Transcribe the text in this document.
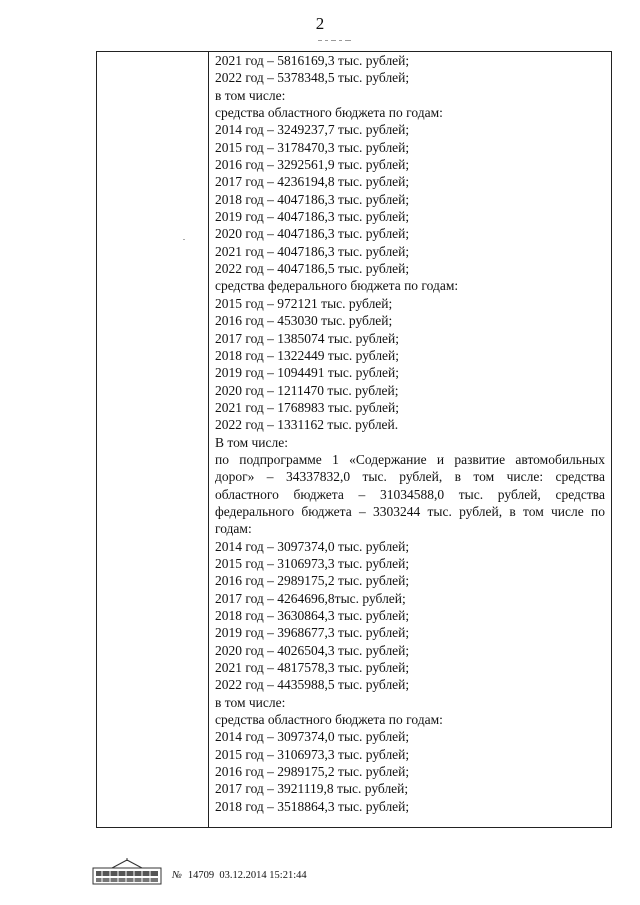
2
2021 год – 5816169,3 тыс. рублей;
2022 год – 5378348,5 тыс. рублей;
в том числе:
средства областного бюджета по годам:
2014 год – 3249237,7 тыс. рублей;
2015 год – 3178470,3 тыс. рублей;
2016 год – 3292561,9 тыс. рублей;
2017 год – 4236194,8 тыс. рублей;
2018 год – 4047186,3 тыс. рублей;
2019 год – 4047186,3 тыс. рублей;
2020 год – 4047186,3 тыс. рублей;
2021 год – 4047186,3 тыс. рублей;
2022 год – 4047186,5 тыс. рублей;
средства федерального бюджета по годам:
2015 год – 972121 тыс. рублей;
2016 год – 453030 тыс. рублей;
2017 год – 1385074 тыс. рублей;
2018 год – 1322449 тыс. рублей;
2019 год – 1094491 тыс. рублей;
2020 год – 1211470 тыс. рублей;
2021 год – 1768983 тыс. рублей;
2022 год – 1331162 тыс. рублей.
В том числе:
по подпрограмме 1 «Содержание и развитие автомобильных дорог» – 34337832,0 тыс. рублей, в том числе: средства областного бюджета – 31034588,0 тыс. рублей, средства федерального бюджета – 3303244 тыс. рублей, в том числе по годам:
2014 год – 3097374,0 тыс. рублей;
2015 год – 3106973,3 тыс. рублей;
2016 год – 2989175,2 тыс. рублей;
2017 год – 4264696,8тыс. рублей;
2018 год – 3630864,3 тыс. рублей;
2019 год – 3968677,3 тыс. рублей;
2020 год – 4026504,3 тыс. рублей;
2021 год – 4817578,3 тыс. рублей;
2022 год – 4435988,5 тыс. рублей;
в том числе:
средства областного бюджета по годам:
2014 год – 3097374,0 тыс. рублей;
2015 год – 3106973,3 тыс. рублей;
2016 год – 2989175,2 тыс. рублей;
2017 год – 3921119,8 тыс. рублей;
2018 год – 3518864,3 тыс. рублей;
№ 14709 03.12.2014 15:21:44
